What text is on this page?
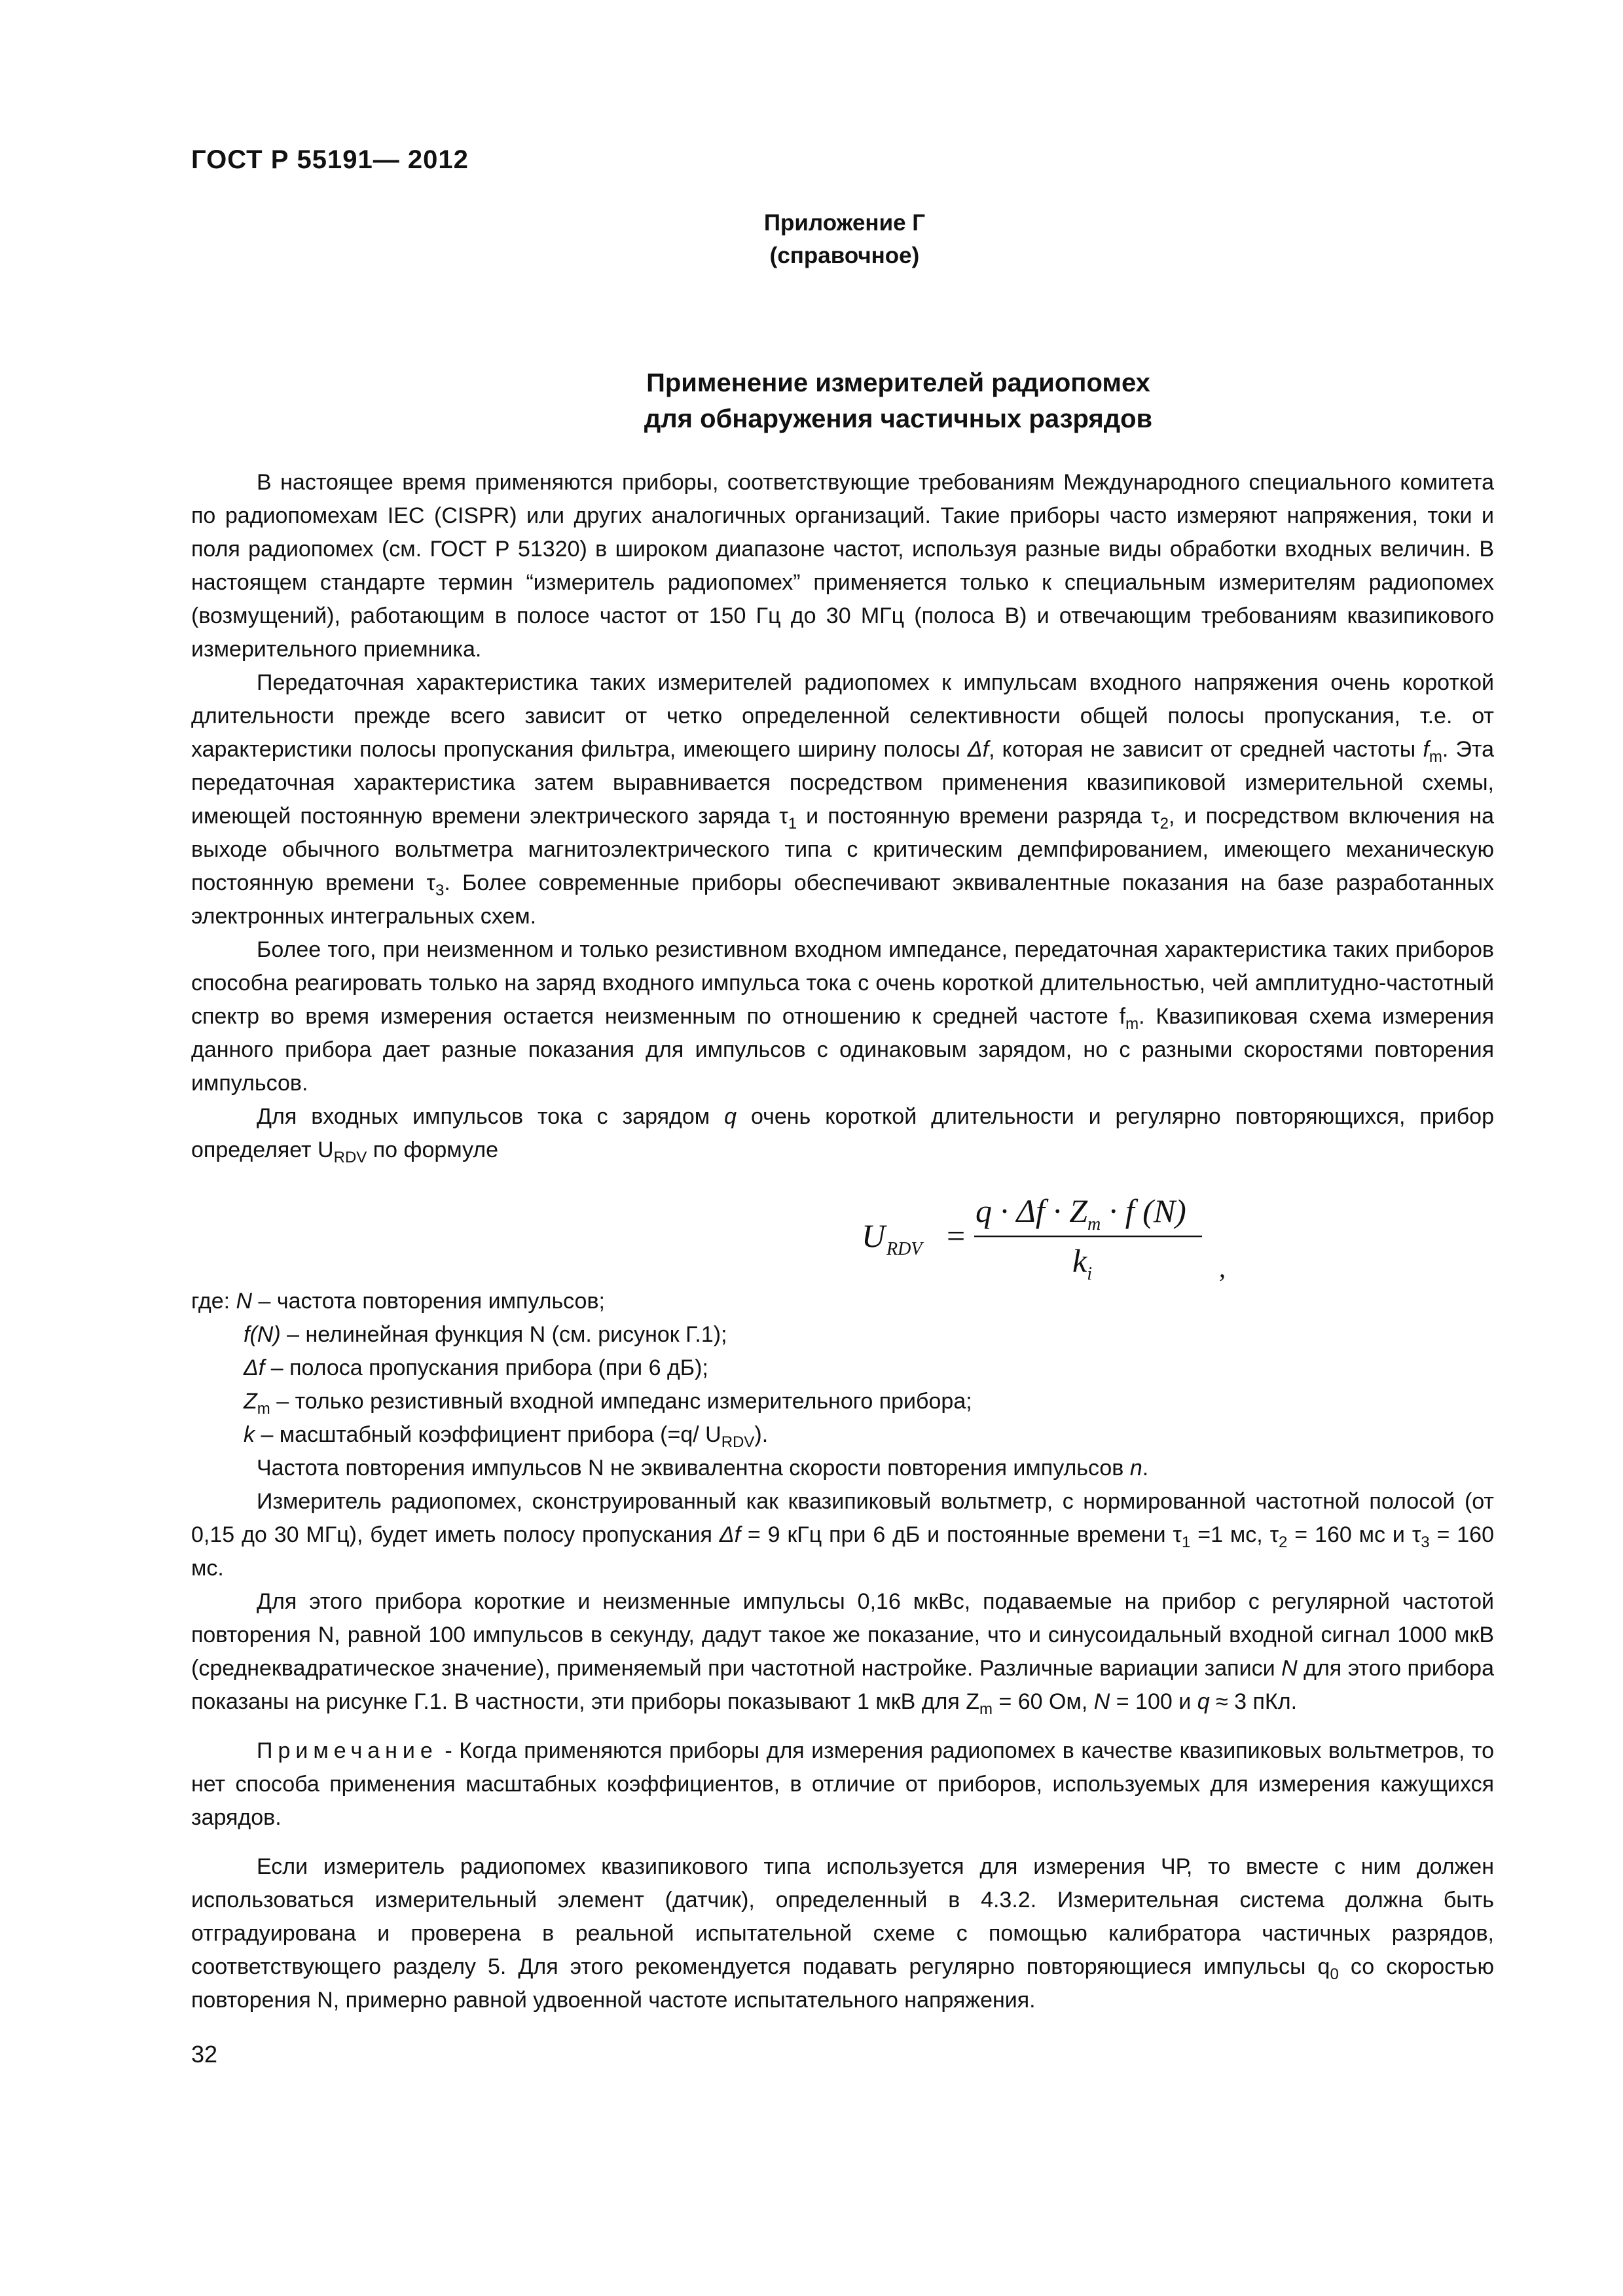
ГОСТ Р 55191— 2012
Приложение Г
(справочное)
Применение измерителей радиопомех
для обнаружения частичных разрядов

В настоящее время применяются приборы, соответствующие требованиям Международного специального комитета по радиопомехам IEC (CISPR) или других аналогичных организаций. Такие приборы часто измеряют напряжения, токи и поля радиопомех (см. ГОСТ Р 51320) в широком диапазоне частот, используя разные виды обработки входных величин. В настоящем стандарте термин “измеритель радиопомех” применяется только к специальным измерителям радиопомех (возмущений), работающим в полосе частот от 150 Гц до 30 МГц (полоса В) и отвечающим требованиям квазипикового измерительного приемника.

Передаточная характеристика таких измерителей радиопомех к импульсам входного напряжения очень короткой длительности прежде всего зависит от четко определенной селективности общей полосы пропускания, т.е. от характеристики полосы пропускания фильтра, имеющего ширину полосы Δf, которая не зависит от средней частоты $f_m$. Эта передаточная характеристика затем выравнивается посредством применения квазипиковой измерительной схемы, имеющей постоянную времени электрического заряда $\tau_1$ и постоянную времени разряда $\tau_2$, и посредством включения на выходе обычного вольтметра магнитоэлектрического типа с критическим демпфированием, имеющего механическую постоянную времени $\tau_3$. Более современные приборы обеспечивают эквивалентные показания на базе разработанных электронных интегральных схем.

Более того, при неизменном и только резистивном входном импедансе, передаточная характеристика таких приборов способна реагировать только на заряд входного импульса тока с очень короткой длительностью, чей амплитудно-частотный спектр во время измерения остается неизменным по отношению к средней частоте $f_m$. Квазипиковая схема измерения данного прибора дает разные показания для импульсов с одинаковым зарядом, но с разными скоростями повторения импульсов.

Для входных импульсов тока с зарядом q очень короткой длительности и регулярно повторяющихся, прибор определяет $U_{RDV}$ по формуле

U RDV =
$q \cdot \Delta f \cdot Z_m \cdot f$ (N)
$k_i$	,

где: N – частота повторения импульсов;

f(N) – нелинейная функция N (см. рисунок Г.1);

Δf – полоса пропускания прибора (при 6 дБ);

$Z_m$ – только резистивный входной импеданс измерительного прибора;

k – масштабный коэффициент прибора (=q/ $U_{RDV}$).

Частота повторения импульсов N не эквивалентна скорости повторения импульсов n.

Измеритель радиопомех, сконструированный как квазипиковый вольтметр, с нормированной частотной полосой (от 0,15 до 30 МГц), будет иметь полосу пропускания Δf = 9 кГц при 6 дБ и постоянные времени $\tau_1 =1$ мс, $\tau_2 = 160$ мс и $\tau_3 = 160$ мс.

Для этого прибора короткие и неизменные импульсы 0,16 мкВс, подаваемые на прибор с регулярной частотой повторения N, равной 100 импульсов в секунду, дадут такое же показание, что и синусоидальный входной сигнал 1000 мкВ (среднеквадратическое значение), применяемый при частотной настройке. Различные вариации записи N для этого прибора показаны на рисунке Г.1. В частности, эти приборы показывают 1 мкВ для $Z_m = 60$ Ом, N = 100 и q ≈ 3 пКл.

Примечание - Когда применяются приборы для измерения радиопомех в качестве квазипиковых вольтметров, то нет способа применения масштабных коэффициентов, в отличие от приборов, используемых для измерения кажущихся зарядов.

Если измеритель радиопомех квазипикового типа используется для измерения ЧР, то вместе с ним должен использоваться измерительный элемент (датчик), определенный в 4.3.2. Измерительная система должна быть отградуирована и проверена в реальной испытательной схеме с помощью калибратора частичных разрядов, соответствующего разделу 5. Для этого рекомендуется подавать регулярно повторяющиеся импульсы $q_0$ со скоростью повторения N, примерно равной удвоенной частоте испытательного напряжения.

32
